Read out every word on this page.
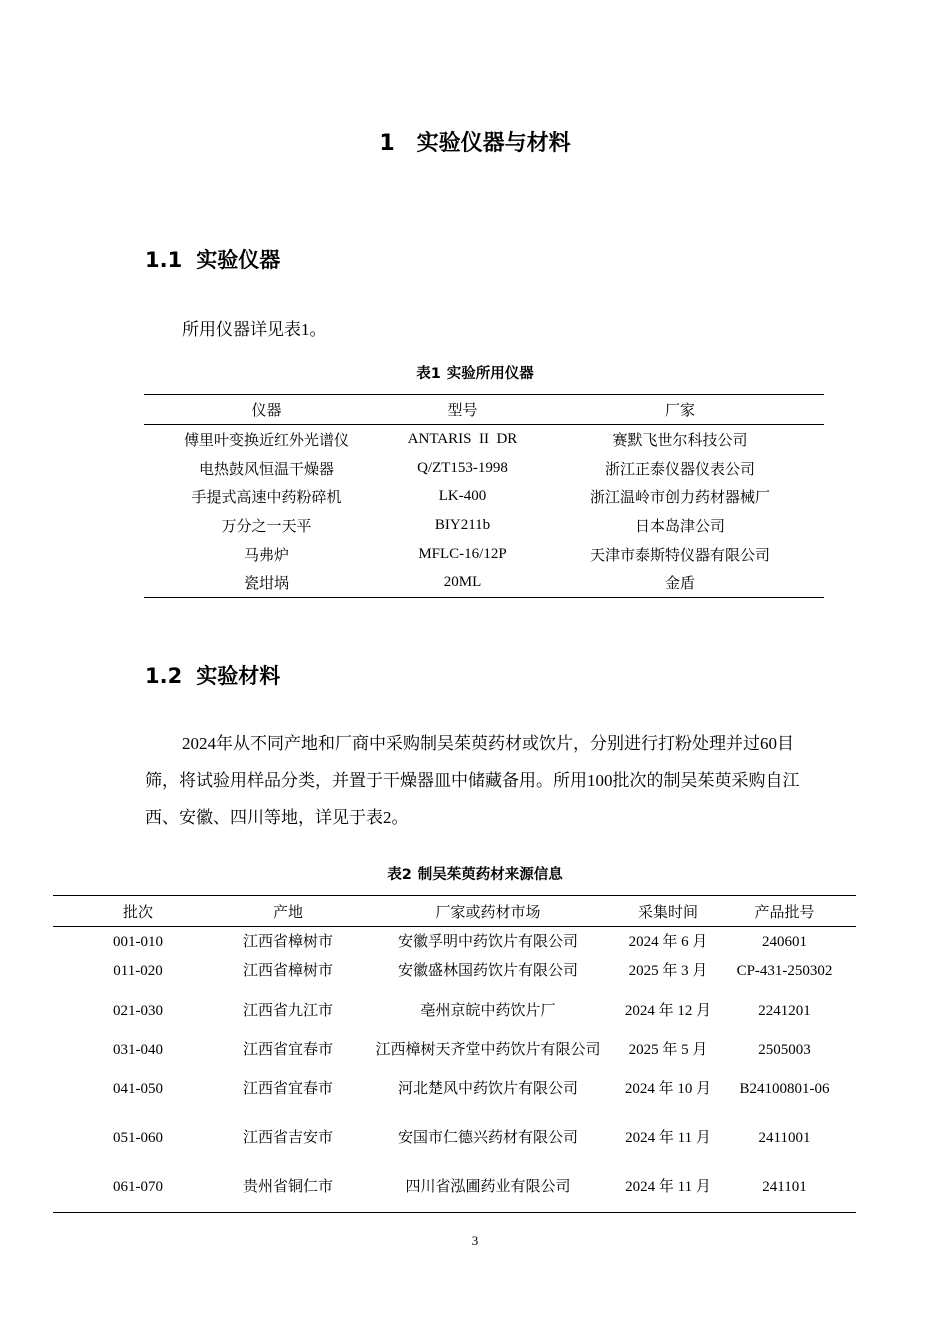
1 实验仪器与材料
1.1 实验仪器

所用仪器详见表1。

表1 实验所用仪器
仪器	型号	厂家
傅里叶变换近红外光谱仪	ANTARIS  II  DR	赛默飞世尔科技公司
电热鼓风恒温干燥器	Q/ZT153-1998	浙江正泰仪器仪表公司
手提式高速中药粉碎机	LK-400	浙江温岭市创力药材器械厂
万分之一天平	BIY211b	日本岛津公司
马弗炉	MFLC-16/12P	天津市泰斯特仪器有限公司
瓷坩埚	20ML	金盾
1.2 实验材料

2024年从不同产地和厂商中采购制吴茱萸药材或饮片，分别进行打粉处理并过60目筛，将试验用样品分类，并置于干燥器皿中储藏备用。所用100批次的制吴茱萸采购自江西、安徽、四川等地，详见于表2。

表2 制吴茱萸药材来源信息
批次	产地	厂家或药材市场	采集时间	产品批号
001-010	江西省樟树市	安徽孚明中药饮片有限公司	2024 年 6 月	240601
011-020	江西省樟树市	安徽盛林国药饮片有限公司	2025 年 3 月	CP-431-250302
021-030	江西省九江市	亳州京皖中药饮片厂	2024 年 12 月	2241201
031-040	江西省宜春市	江西樟树天齐堂中药饮片有限公司	2025 年 5 月	2505003
041-050	江西省宜春市	河北楚风中药饮片有限公司	2024 年 10 月	B24100801-06
051-060	江西省吉安市	安国市仁德兴药材有限公司	2024 年 11 月	2411001
061-070	贵州省铜仁市	四川省泓圃药业有限公司	2024 年 11 月	241101
3
